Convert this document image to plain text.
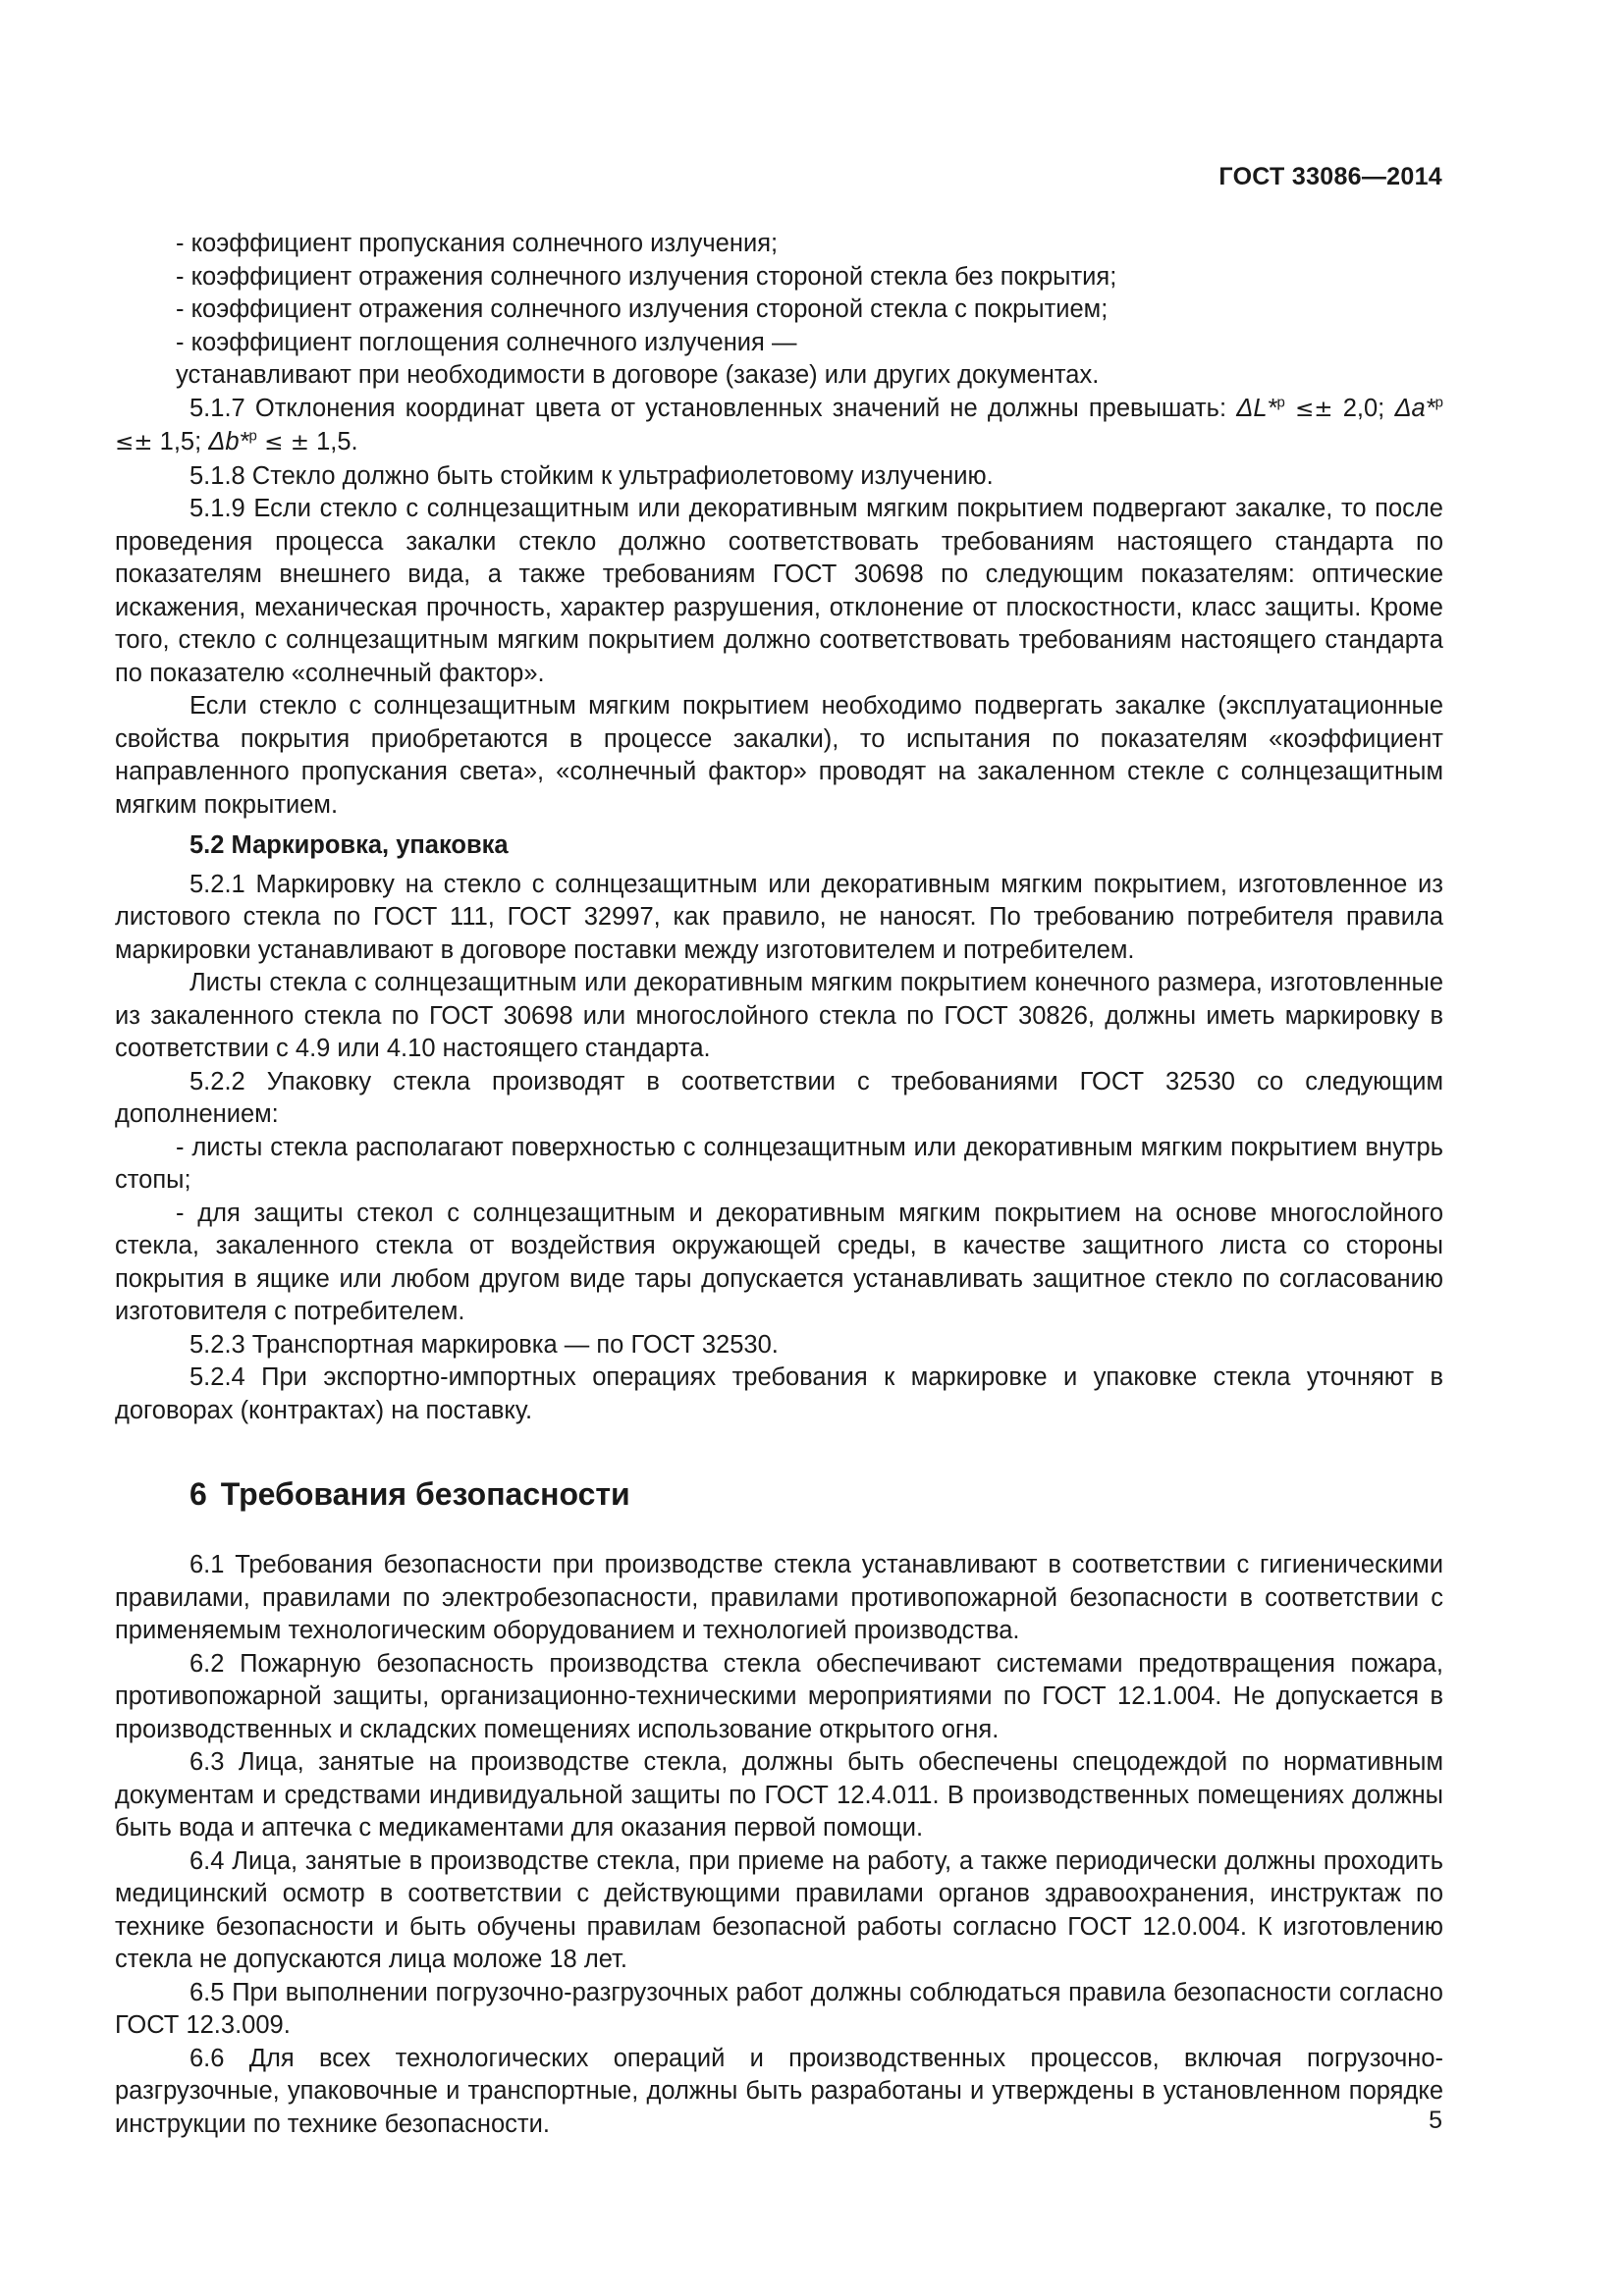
ГОСТ 33086—2014

- коэффициент пропускания солнечного излучения;

- коэффициент отражения солнечного излучения стороной стекла без покрытия;

- коэффициент отражения солнечного излучения стороной стекла с покрытием;

- коэффициент поглощения солнечного излучения —

устанавливают при необходимости в договоре (заказе) или других документах.

5.1.7 Отклонения координат цвета от установленных значений не должны превышать: ΔL*$^р$ ≤± 2,0; Δa*$^р$ ≤± 1,5; Δb*$^р$ ≤ ± 1,5.

5.1.8 Стекло должно быть стойким к ультрафиолетовому излучению.

5.1.9 Если стекло с солнцезащитным или декоративным мягким покрытием подвергают закалке, то после проведения процесса закалки стекло должно соответствовать требованиям настоящего стандарта по показателям внешнего вида, а также требованиям ГОСТ 30698 по следующим показателям: оптические искажения, механическая прочность, характер разрушения, отклонение от плоскостности, класс защиты. Кроме того, стекло с солнцезащитным мягким покрытием должно соответствовать требованиям настоящего стандарта по показателю «солнечный фактор».

Если стекло с солнцезащитным мягким покрытием необходимо подвергать закалке (эксплуатационные свойства покрытия приобретаются в процессе закалки), то испытания по показателям «коэффициент направленного пропускания света», «солнечный фактор» проводят на закаленном стекле с солнцезащитным мягким покрытием.

5.2 Маркировка, упаковка

5.2.1 Маркировку на стекло с солнцезащитным или декоративным мягким покрытием, изготовленное из листового стекла по ГОСТ 111, ГОСТ 32997, как правило, не наносят. По требованию потребителя правила маркировки устанавливают в договоре поставки между изготовителем и потребителем.

Листы стекла с солнцезащитным или декоративным мягким покрытием конечного размера, изготовленные из закаленного стекла по ГОСТ 30698 или многослойного стекла по ГОСТ 30826, должны иметь маркировку в соответствии с 4.9 или 4.10 настоящего стандарта.

5.2.2 Упаковку стекла производят в соответствии с требованиями ГОСТ 32530 со следующим дополнением:

- листы стекла располагают поверхностью с солнцезащитным или декоративным мягким покрытием внутрь стопы;

- для защиты стекол с солнцезащитным и декоративным мягким покрытием на основе многослойного стекла, закаленного стекла от воздействия окружающей среды, в качестве защитного листа со стороны покрытия в ящике или любом другом виде тары допускается устанавливать защитное стекло по согласованию изготовителя с потребителем.

5.2.3 Транспортная маркировка — по ГОСТ 32530.

5.2.4 При экспортно-импортных операциях требования к маркировке и упаковке стекла уточняют в договорах (контрактах) на поставку.

6 Требования безопасности

6.1 Требования безопасности при производстве стекла устанавливают в соответствии с гигиеническими правилами, правилами по электробезопасности, правилами противопожарной безопасности в соответствии с применяемым технологическим оборудованием и технологией производства.

6.2 Пожарную безопасность производства стекла обеспечивают системами предотвращения пожара, противопожарной защиты, организационно-техническими мероприятиями по ГОСТ 12.1.004. Не допускается в производственных и складских помещениях использование открытого огня.

6.3 Лица, занятые на производстве стекла, должны быть обеспечены спецодеждой по нормативным документам и средствами индивидуальной защиты по ГОСТ 12.4.011. В производственных помещениях должны быть вода и аптечка с медикаментами для оказания первой помощи.

6.4 Лица, занятые в производстве стекла, при приеме на работу, а также периодически должны проходить медицинский осмотр в соответствии с действующими правилами органов здравоохранения, инструктаж по технике безопасности и быть обучены правилам безопасной работы согласно ГОСТ 12.0.004. К изготовлению стекла не допускаются лица моложе 18 лет.

6.5 При выполнении погрузочно-разгрузочных работ должны соблюдаться правила безопасности согласно ГОСТ 12.3.009.

6.6 Для всех технологических операций и производственных процессов, включая погрузочно-разгрузочные, упаковочные и транспортные, должны быть разработаны и утверждены в установленном порядке инструкции по технике безопасности.	5
